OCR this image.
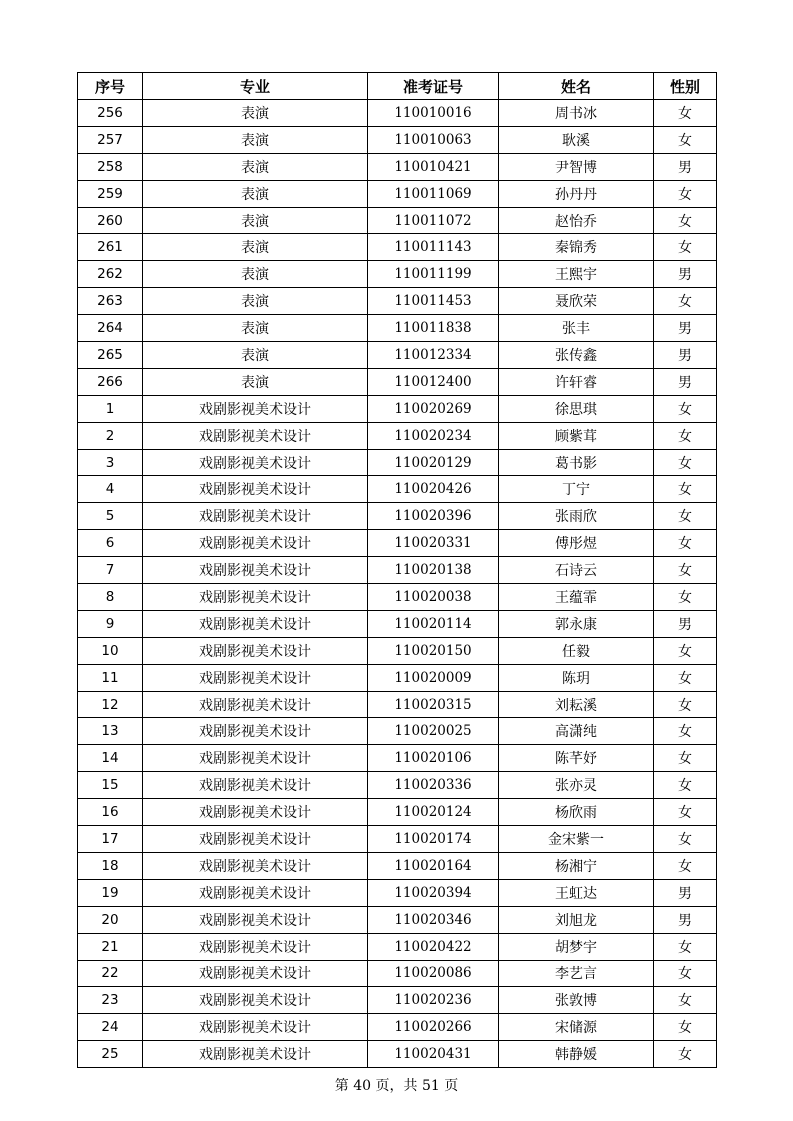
序号	专业	准考证号	姓名	性别
256	表演	110010016	周书冰	女
257	表演	110010063	耿溪	女
258	表演	110010421	尹智博	男
259	表演	110011069	孙丹丹	女
260	表演	110011072	赵怡乔	女
261	表演	110011143	秦锦秀	女
262	表演	110011199	王熙宇	男
263	表演	110011453	聂欣荣	女
264	表演	110011838	张丰	男
265	表演	110012334	张传鑫	男
266	表演	110012400	许轩睿	男
1	戏剧影视美术设计	110020269	徐思琪	女
2	戏剧影视美术设计	110020234	顾紫茸	女
3	戏剧影视美术设计	110020129	葛书影	女
4	戏剧影视美术设计	110020426	丁宁	女
5	戏剧影视美术设计	110020396	张雨欣	女
6	戏剧影视美术设计	110020331	傅彤煜	女
7	戏剧影视美术设计	110020138	石诗云	女
8	戏剧影视美术设计	110020038	王蕴霏	女
9	戏剧影视美术设计	110020114	郭永康	男
10	戏剧影视美术设计	110020150	任毅	女
11	戏剧影视美术设计	110020009	陈玥	女
12	戏剧影视美术设计	110020315	刘耘溪	女
13	戏剧影视美术设计	110020025	高潇纯	女
14	戏剧影视美术设计	110020106	陈芊妤	女
15	戏剧影视美术设计	110020336	张亦灵	女
16	戏剧影视美术设计	110020124	杨欣雨	女
17	戏剧影视美术设计	110020174	金宋紫一	女
18	戏剧影视美术设计	110020164	杨湘宁	女
19	戏剧影视美术设计	110020394	王虹达	男
20	戏剧影视美术设计	110020346	刘旭龙	男
21	戏剧影视美术设计	110020422	胡梦宇	女
22	戏剧影视美术设计	110020086	李艺言	女
23	戏剧影视美术设计	110020236	张敦博	女
24	戏剧影视美术设计	110020266	宋储源	女
25	戏剧影视美术设计	110020431	韩静媛	女
第 40 页，共 51 页
